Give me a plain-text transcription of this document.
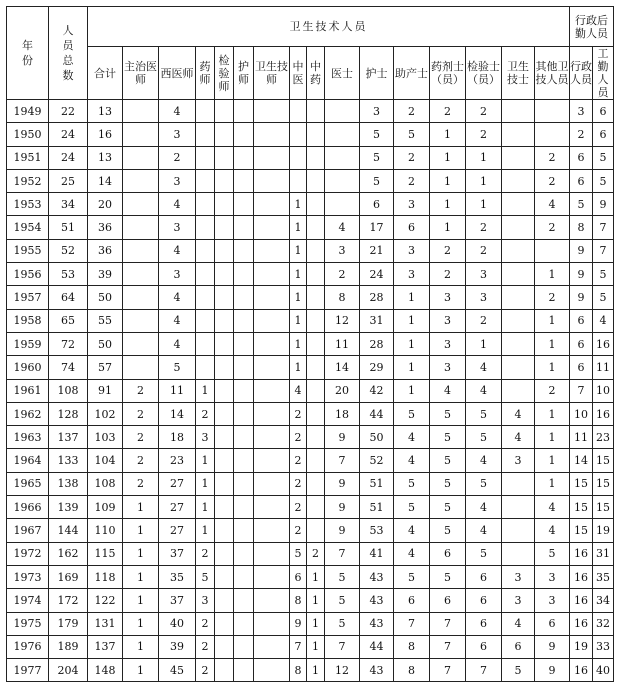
年份	人员总数	卫生技术人员																行政后勤人员	
		合计	主治医师	西医师	药师	检验师	护师	卫生技师	中医	中药	医士	护士	助产士	药剂士（员）	检验士（员）	卫生技士	其他卫技人员	行政人员	工勤人员
1949	22	13		4								3	2	2	2			3	6
1950	24	16		3								5	5	1	2			2	6
1951	24	13		2								5	2	1	1		2	6	5
1952	25	14		3								5	2	1	1		2	6	5
1953	34	20		4					1			6	3	1	1		4	5	9
1954	51	36		3					1		4	17	6	1	2		2	8	7
1955	52	36		4					1		3	21	3	2	2			9	7
1956	53	39		3					1		2	24	3	2	3		1	9	5
1957	64	50		4					1		8	28	1	3	3		2	9	5
1958	65	55		4					1		12	31	1	3	2		1	6	4
1959	72	50		4					1		11	28	1	3	1		1	6	16
1960	74	57		5					1		14	29	1	3	4		1	6	11
1961	108	91	2	11	1				4		20	42	1	4	4		2	7	10
1962	128	102	2	14	2				2		18	44	5	5	5	4	1	10	16
1963	137	103	2	18	3				2		9	50	4	5	5	4	1	11	23
1964	133	104	2	23	1				2		7	52	4	5	4	3	1	14	15
1965	138	108	2	27	1				2		9	51	5	5	5		1	15	15
1966	139	109	1	27	1				2		9	51	5	5	4		4	15	15
1967	144	110	1	27	1				2		9	53	4	5	4		4	15	19
1972	162	115	1	37	2				5	2	7	41	4	6	5		5	16	31
1973	169	118	1	35	5				6	1	5	43	5	5	6	3	3	16	35
1974	172	122	1	37	3				8	1	5	43	6	6	6	3	3	16	34
1975	179	131	1	40	2				9	1	5	43	7	7	6	4	6	16	32
1976	189	137	1	39	2				7	1	7	44	8	7	6	6	9	19	33
1977	204	148	1	45	2				8	1	12	43	8	7	7	5	9	16	40
